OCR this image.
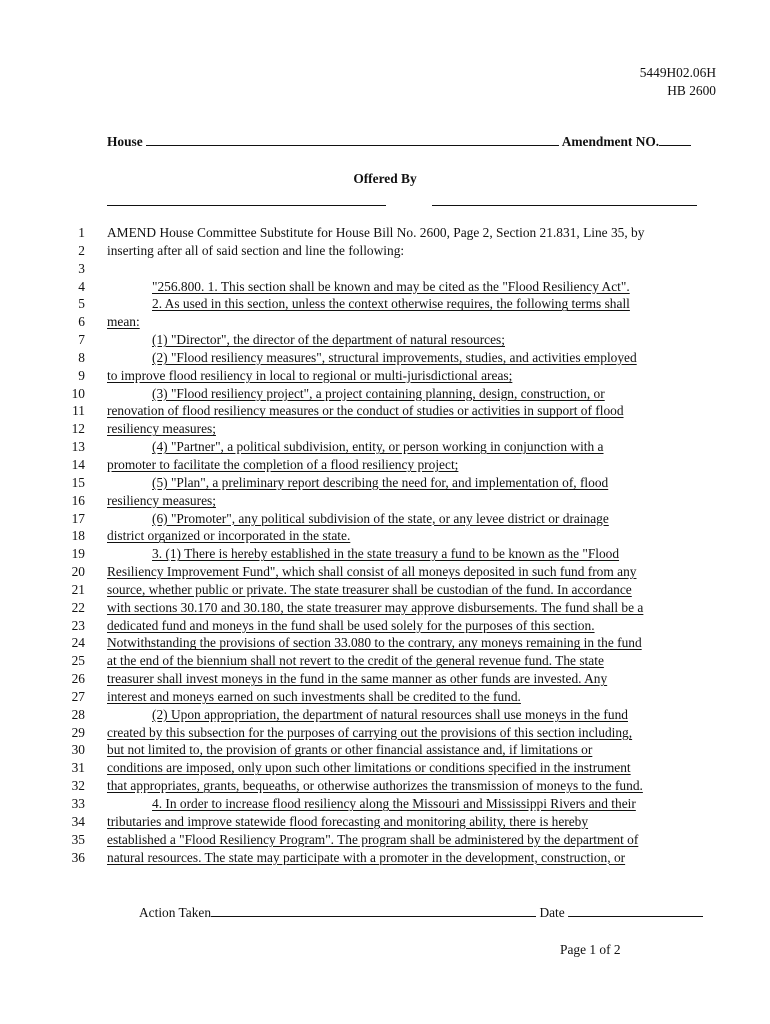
5449H02.06H
HB 2600
House	Amendment NO.
Offered By
1 AMEND House Committee Substitute for House Bill No. 2600, Page 2, Section 21.831, Line 35, by
2 inserting after all of said section and line the following:
3
4	"256.800. 1. This section shall be known and may be cited as the "Flood Resiliency Act".
5	2. As used in this section, unless the context otherwise requires, the following terms shall
6 mean:
7	(1) "Director", the director of the department of natural resources;
8	(2) "Flood resiliency measures", structural improvements, studies, and activities employed
9 to improve flood resiliency in local to regional or multi-jurisdictional areas;
10	(3) "Flood resiliency project", a project containing planning, design, construction, or
11 renovation of flood resiliency measures or the conduct of studies or activities in support of flood
12 resiliency measures;
13	(4) "Partner", a political subdivision, entity, or person working in conjunction with a
14 promoter to facilitate the completion of a flood resiliency project;
15	(5) "Plan", a preliminary report describing the need for, and implementation of, flood
16 resiliency measures;
17	(6) "Promoter", any political subdivision of the state, or any levee district or drainage
18 district organized or incorporated in the state.
19	3. (1) There is hereby established in the state treasury a fund to be known as the "Flood
20 Resiliency Improvement Fund", which shall consist of all moneys deposited in such fund from any
21 source, whether public or private. The state treasurer shall be custodian of the fund. In accordance
22 with sections 30.170 and 30.180, the state treasurer may approve disbursements. The fund shall be a
23 dedicated fund and moneys in the fund shall be used solely for the purposes of this section.
24 Notwithstanding the provisions of section 33.080 to the contrary, any moneys remaining in the fund
25 at the end of the biennium shall not revert to the credit of the general revenue fund. The state
26 treasurer shall invest moneys in the fund in the same manner as other funds are invested. Any
27 interest and moneys earned on such investments shall be credited to the fund.
28	(2) Upon appropriation, the department of natural resources shall use moneys in the fund
29 created by this subsection for the purposes of carrying out the provisions of this section including,
30 but not limited to, the provision of grants or other financial assistance and, if limitations or
31 conditions are imposed, only upon such other limitations or conditions specified in the instrument
32 that appropriates, grants, bequeaths, or otherwise authorizes the transmission of moneys to the fund.
33	4. In order to increase flood resiliency along the Missouri and Mississippi Rivers and their
34 tributaries and improve statewide flood forecasting and monitoring ability, there is hereby
35 established a "Flood Resiliency Program". The program shall be administered by the department of
36 natural resources. The state may participate with a promoter in the development, construction, or
Action Taken	Date
Page 1 of 2
